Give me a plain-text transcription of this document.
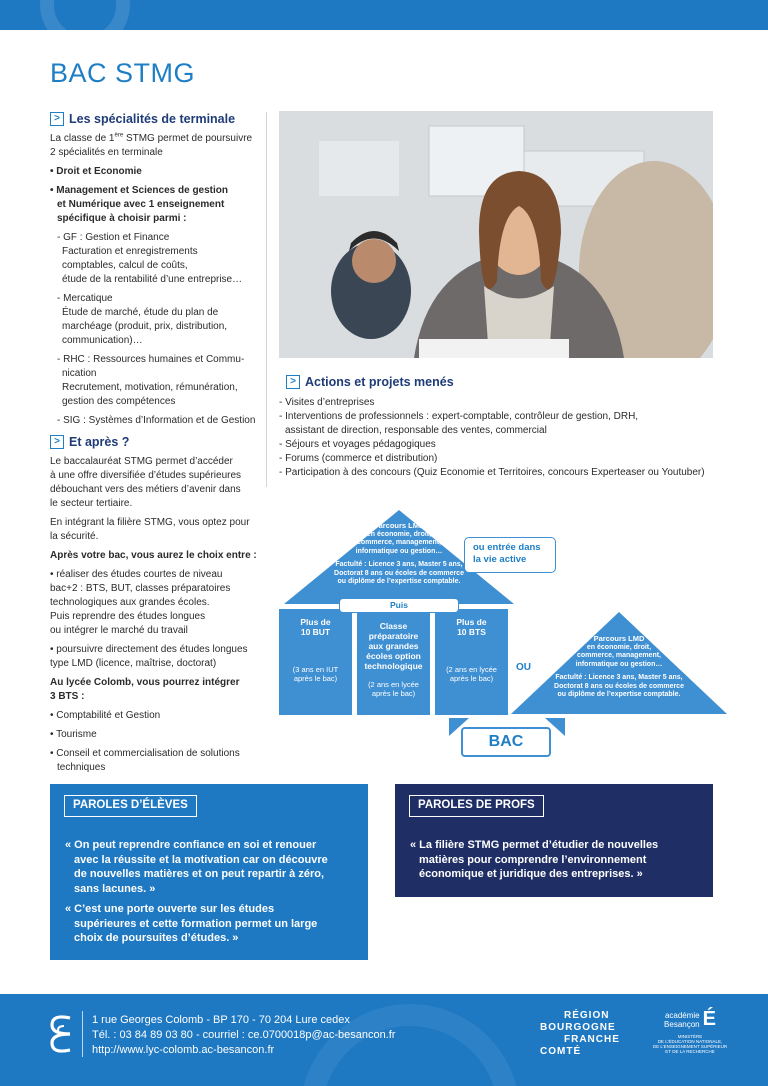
BAC STMG
> Les spécialités de terminale

La classe de 1ère STMG permet de poursuivre

2 spécialités en terminale

• Droit et Economie

• Management et Sciences de gestion

et Numérique avec 1 enseignement

spécifique à choisir parmi :

- GF : Gestion et Finance

Facturation et enregistrements

comptables, calcul de coûts,

étude de la rentabilité d’une entreprise…

- Mercatique

Étude de marché, étude du plan de

marchéage (produit, prix, distribution,

communication)…

- RHC : Ressources humaines et Commu-

nication

Recrutement, motivation, rémunération,

gestion des compétences

- SIG : Systèmes d’Information et de Gestion

> Et après ?

Le baccalauréat STMG permet d’accéder

à une offre diversifiée d’études supérieures

débouchant vers des métiers d’avenir dans

le secteur tertiaire.

En intégrant la filière STMG, vous optez pour

la sécurité.

Après votre bac, vous aurez le choix entre :

• réaliser des études courtes de niveau

bac+2 : BTS, BUT, classes préparatoires

technologiques aux grandes écoles.

Puis reprendre des études longues

ou intégrer le marché du travail

• poursuivre directement des études longues

type LMD (licence, maîtrise, doctorat)

Au lycée Colomb, vous pourrez intégrer

3 BTS :

• Comptabilité et Gestion

• Tourisme

• Conseil et commercialisation de solutions

techniques

> Actions et projets menés

- Visites d’entreprises

- Interventions de professionnels : expert-comptable, contrôleur de gestion, DRH,

assistant de direction, responsable des ventes, commercial

- Séjours et voyages pédagogiques

- Forums (commerce et distribution)

- Participation à des concours (Quiz Economie et Territoires, concours Experteaser ou Youtuber)

Parcours LMD
en économie, droit,
commerce, management,
informatique ou gestion…
Factulté : Licence 3 ans, Master 5 ans,
Doctorat 8 ans ou écoles de commerce
ou diplôme de l’expertise comptable.
ou entrée dans
la vie active
Plus de
10 BUT
(3 ans en IUT
après le bac)
Classe
préparatoire
aux grandes
écoles option
technologique
(2 ans en lycée
après le bac)
Plus de
10 BTS
(2 ans en lycée
après le bac)
Puis
OU
Parcours LMD
en économie, droit,
commerce, management,
informatique ou gestion…
Factulté : Licence 3 ans, Master 5 ans,
Doctorat 8 ans ou écoles de commerce
ou diplôme de l’expertise comptable.
BAC
PAROLES D’ÉLÈVES
« On peut reprendre confiance en soi et renouer
avec la réussite et la motivation car on découvre
de nouvelles matières et on peut repartir à zéro,
sans lacunes. »
« C’est une porte ouverte sur les études
supérieures et cette formation permet un large
choix de poursuites d’études. »
PAROLES DE PROFS
« La filière STMG permet d’étudier de nouvelles
matières pour comprendre l’environnement
économique et juridique des entreprises. »
1 rue Georges Colomb - BP 170 - 70 204 Lure cedex
Tél. : 03 84 89 03 80 - courriel : ce.0700018p@ac-besancon.fr
http://www.lyc-colomb.ac-besancon.fr
RÉGION
BOURGOGNE
FRANCHE
COMTÉ
académie
Besançon É
MINISTÈRE
DE L’ÉDUCATION NATIONALE,
DE L’ENSEIGNEMENT SUPÉRIEUR
ET DE LA RECHERCHE
